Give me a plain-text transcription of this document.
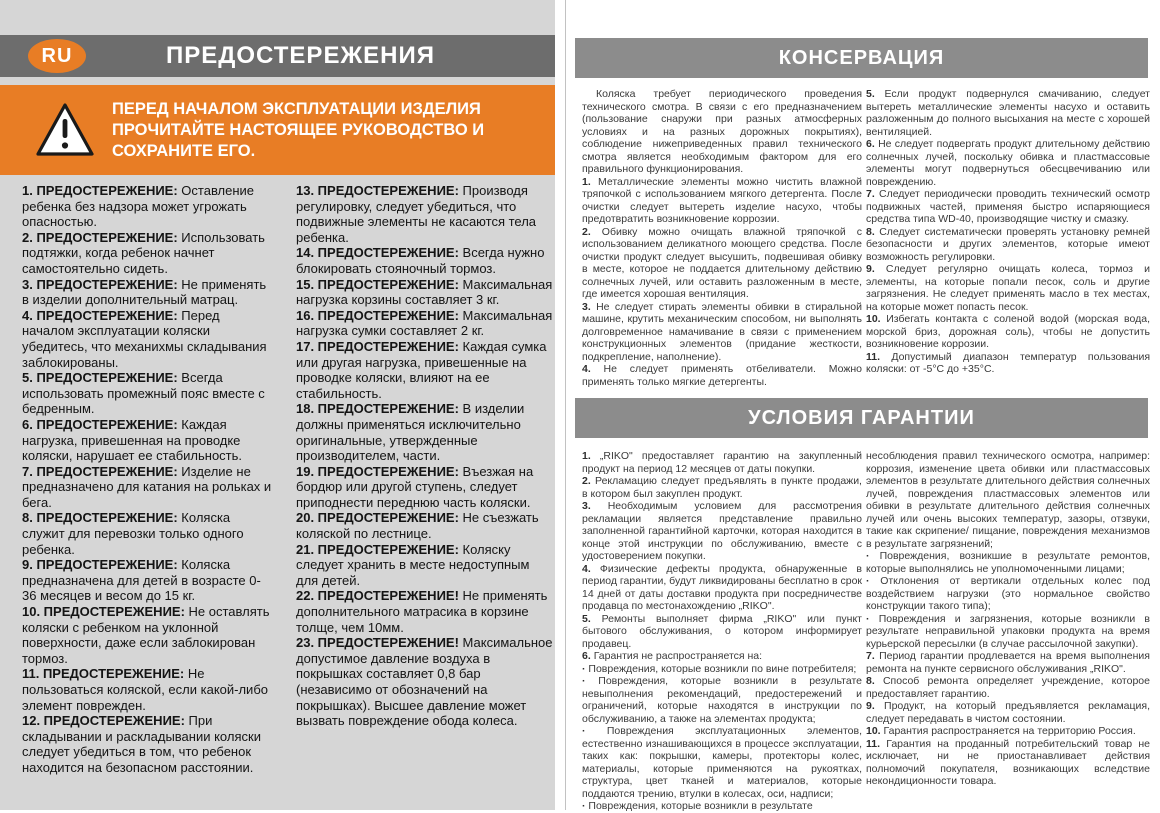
RU	ПРЕДОСТЕРЕЖЕНИЯ
ПЕРЕД НАЧАЛОМ ЭКСПЛУАТАЦИИ ИЗДЕЛИЯ
ПРОЧИТАЙТЕ НАСТОЯЩЕЕ РУКОВОДСТВО И
СОХРАНИТЕ ЕГО.

1. ПРЕДОСТЕРЕЖЕНИЕ: Оставление ребенка без надзора может угрожать опасностью.

2. ПРЕДОСТЕРЕЖЕНИЕ: Использовать подтяжки, когда ребенок начнет самостоятельно сидеть.

3. ПРЕДОСТЕРЕЖЕНИЕ: Не применять в изделии дополнительный матрац.

4. ПРЕДОСТЕРЕЖЕНИЕ: Перед началом эксплуатации коляски убедитесь, что механихмы складывания заблокированы.

5. ПРЕДОСТЕРЕЖЕНИЕ: Всегда использовать промежный пояс вместе с бедренным.

6. ПРЕДОСТЕРЕЖЕНИЕ: Каждая нагрузка, привешенная на проводке коляски, нарушает ее стабильность.

7. ПРЕДОСТЕРЕЖЕНИЕ: Изделие не предназначено для катания на рольках и бега.

8. ПРЕДОСТЕРЕЖЕНИЕ: Коляска служит для перевозки только одного ребенка.

9. ПРЕДОСТЕРЕЖЕНИЕ: Коляска предназначена для детей в возрасте 0-36 месяцев и весом до 15 кг.

10. ПРЕДОСТЕРЕЖЕНИЕ: Не оставлять коляски с ребенком на уклонной поверхности, даже если заблокирован тормоз.

11. ПРЕДОСТЕРЕЖЕНИЕ: Не пользоваться коляской, если какой-либо элемент поврежден.

12. ПРЕДОСТЕРЕЖЕНИЕ: При складывании и раскладывании коляски следует убедиться в том, что ребенок находится на безопасном расстоянии.

13. ПРЕДОСТЕРЕЖЕНИЕ: Производя регулировку, следует убедиться, что подвижные элементы не касаются тела ребенка.

14. ПРЕДОСТЕРЕЖЕНИЕ: Всегда нужно блокировать стояночный тормоз.

15. ПРЕДОСТЕРЕЖЕНИЕ: Максимальная нагрузка корзины составляет 3 кг.

16. ПРЕДОСТЕРЕЖЕНИЕ: Максимальная нагрузка сумки составляет 2 кг.

17. ПРЕДОСТЕРЕЖЕНИЕ: Каждая сумка или другая нагрузка, привешенные на проводке коляски, влияют на ее стабильность.

18. ПРЕДОСТЕРЕЖЕНИЕ: В изделии должны применяться исключительно оригинальные, утвержденные производителем, части.

19. ПРЕДОСТЕРЕЖЕНИЕ: Въезжая на бордюр или другой ступень, следует приподнести переднюю часть коляски.

20. ПРЕДОСТЕРЕЖЕНИЕ: Не съезжать коляской по лестнице.

21. ПРЕДОСТЕРЕЖЕНИЕ: Коляску следует хранить в месте недоступным для детей.

22. ПРЕДОСТЕРЕЖЕНИЕ! Не применять дополнительного матрасика в корзине толще, чем 10мм.

23. ПРЕДОСТЕРЕЖЕНИЕ! Максимальное допустимое давление воздуха в покрышках составляет 0,8 бар (независимо от обозначений на покрышках). Высшее давление может вызвать повреждение обода колеса.

КОНСЕРВАЦИЯ

Коляска требует периодического проведения технического смотра. В связи с его предназначением (пользование снаружи при разных атмосферных условиях и на разных дорожных покрытиях), соблюдение нижеприведенных правил технического смотра является необходимым фактором для его правильного функционирования.

1. Металлические элементы можно чистить влажной тряпочкой с использованием мягкого детергента. После очистки следует вытереть изделие насухо, чтобы предотвратить возникновение коррозии.

2. Обивку можно очищать влажной тряпочкой с использованием деликатного моющего средства. После очистки продукт следует высушить, подвешивая обивку в месте, которое не поддается длительному действию солнечных лучей, или оставить разложенным в месте, где имеется хорошая вентиляция.

3. Не следует стирать элементы обивки в стиральной машине, крутить механическим способом, ни выполнять долговременное намачивание в связи с применением конструкционных элементов (придание жесткости, подкрепление, наполнение).

4. Не следует применять отбеливатели. Можно применять только мягкие детергенты.

5. Если продукт подвернулся смачиванию, следует вытереть металлические элементы насухо и оставить разложенным до полного высыхания на месте с хорошей вентиляцией.

6. Не следует подвергать продукт длительному действию солнечных лучей, поскольку обивка и пластмассовые элементы могут подвернуться обесцвечиванию или повреждению.

7. Следует периодически проводить технический осмотр подвижных частей, применяя быстро испаряющиеся средства типа WD-40, производящие чистку и смазку.

8. Следует систематически проверять установку ремней безопасности и других элементов, которые имеют возможность регулировки.

9. Следует регулярно очищать колеса, тормоз и элементы, на которые попали песок, соль и другие загрязнения. Не следует применять масло в тех местах, на которые может попасть песок.

10. Избегать контакта с соленой водой (морская вода, морской бриз, дорожная соль), чтобы не допустить возникновение коррозии.

11. Допустимый диапазон температур пользования коляски: от -5°C до +35°C.

УСЛОВИЯ ГАРАНТИИ

1. „RIKO" предоставляет гарантию на закупленный продукт на период 12 месяцев от даты покупки.

2. Рекламацию следует предъявлять в пункте продажи, в котором был закуплен продукт.

3. Необходимым условием для рассмотрения рекламации является представление правильно заполненной гарантийной карточки, которая находится в конце этой инструкции по обслуживанию, вместе с удостоверением покупки.

4. Физические дефекты продукта, обнаруженные в период гарантии, будут ликвидированы бесплатно в срок 14 дней от даты доставки продукта при посредничестве продавца по местонахождению „RIKO".

5. Ремонты выполняет фирма „RIKO" или пункт бытового обслуживания, о котором информирует продавец.

6. Гарантия не распространяется на:

· Повреждения, которые возникли по вине потребителя;

· Повреждения, которые возникли в результате невыполнения рекомендаций, предостережений и ограничений, которые находятся в инструкции по обслуживанию, а также на элементах продукта;

· Повреждения эксплуатационных элементов, естественно изнашивающихся в процессе эксплуатации, таких как: покрышки, камеры, протекторы колес, материалы, которые применяются на рукоятках, структура, цвет тканей и материалов, которые поддаются трению, втулки в колесах, оси, надписи;

· Повреждения, которые возникли в результате

несоблюдения правил технического осмотра, например: коррозия, изменение цвета обивки или пластмассовых элементов в результате длительного действия солнечных лучей, повреждения пластмассовых элементов или обивки в результате длительного действия солнечных лучей или очень высоких температур, зазоры, отзвуки, такие как скрипение/ пищание, повреждения механизмов в результате загрязнений;

· Повреждения, возникшие в результате ремонтов, которые выполнялись не уполномоченными лицами;

· Отклонения от вертикали отдельных колес под воздействием нагрузки (это нормальное свойство конструкции такого типа);

· Повреждения и загрязнения, которые возникли в результате неправильной упаковки продукта на время курьерской пересылки (в случае рассылочной закупки).

7. Период гарантии продлевается на время выполнения ремонта на пункте сервисного обслуживания „RIKO".

8. Способ ремонта определяет учреждение, которое предоставляет гарантию.

9. Продукт, на который предъявляется рекламация, следует передавать в чистом состоянии.

10. Гарантия распространяется на территорию Россия.

11. Гарантия на проданный потребительский товар не исключает, ни не приостанавливает действия полномочий покупателя, возникающих вследствие некондиционности товара.
